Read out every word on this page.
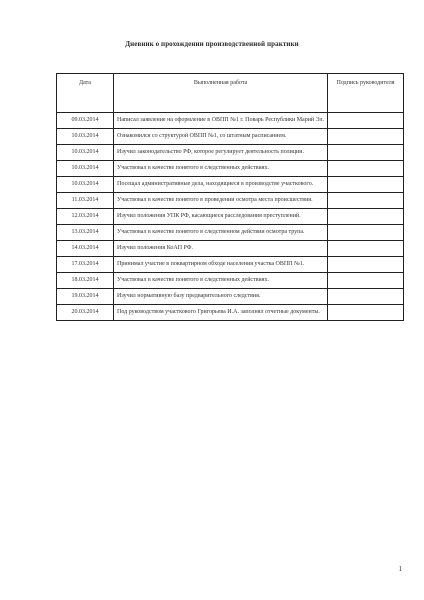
Дневник о прохождении производственной практики
Дата	Выполненная работа	Подпись руководителя
09.03.2014	Написал заявление на оформление в ОВПП №1 г. Поварь Республики Марий Эл.	
10.03.2014	Ознакомился со структурой ОВПП №1, со штатным расписанием.	
10.03.2014	Изучил законодательство РФ, которое регулирует деятельность полиции.	
10.03.2014	Участвовал в качестве понятого в следственных действиях.	
10.03.2014	Посещал административные дела, находящиеся в производстве участкового.	
11.03.2014	Участвовал в качестве понятого в проведении осмотра места происшествия.	
12.03.2014	Изучил положения УПК РФ, касающиеся расследования преступлений.	
13.03.2014	Участвовал в качестве понятого в следственном действии осмотра трупа.	
14.03.2014	Изучил положения КоАП РФ.	
17.03.2014	Принимал участие в поквартирном обходе населения участка ОВПП №1.	
18.03.2014	Участвовал в качестве понятого в следственных действиях.	
19.03.2014	Изучил нормативную базу предварительного следствия.	
20.03.2014	Под руководством участкового Григорьева И.А. заполнял отчетные документы.	
1
